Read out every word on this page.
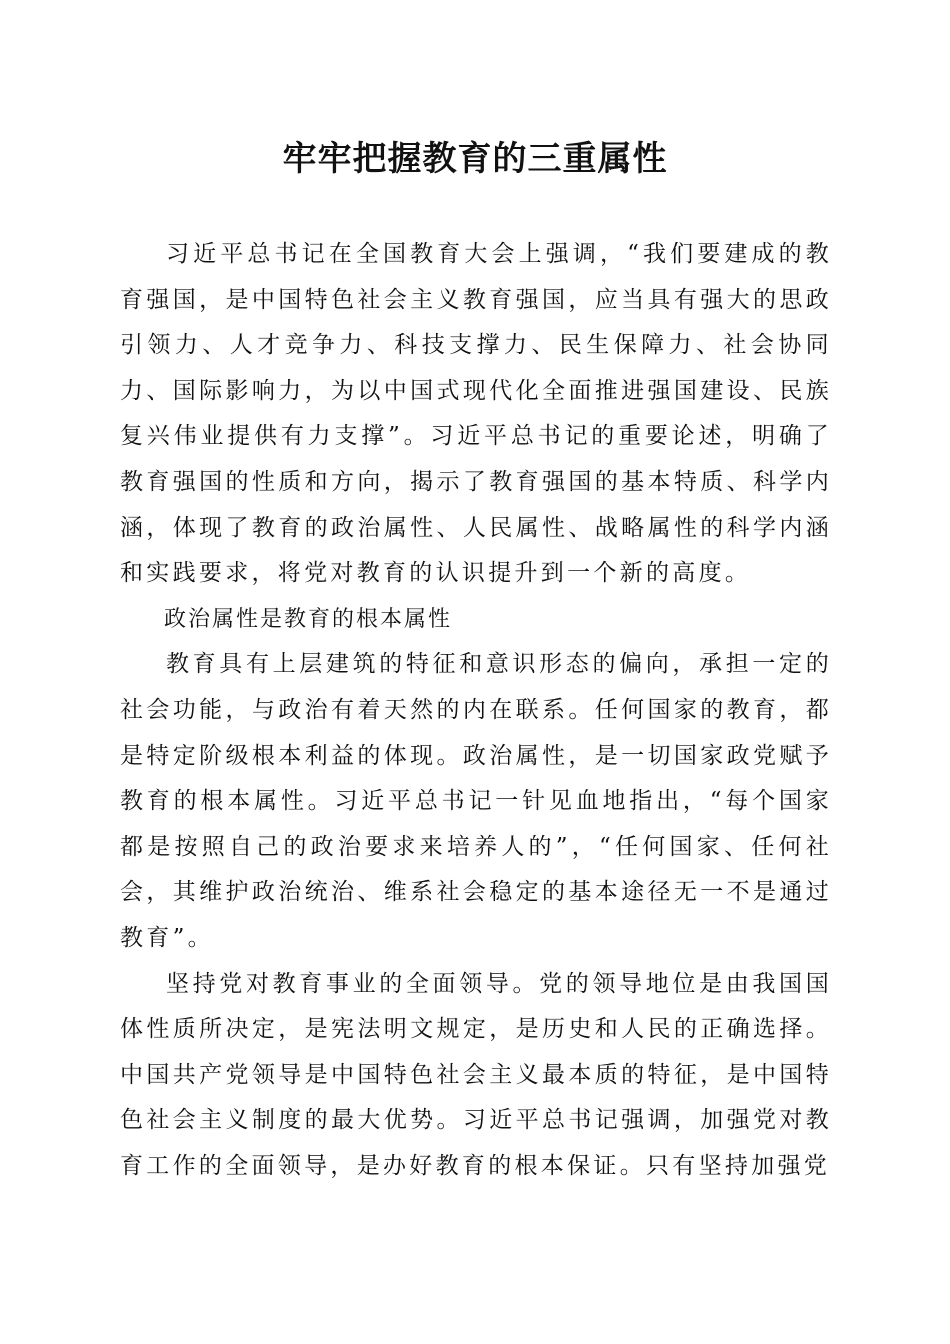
牢牢把握教育的三重属性

习近平总书记在全国教育大会上强调，“我们要建成的教育强国，是中国特色社会主义教育强国，应当具有强大的思政引领力、人才竞争力、科技支撑力、民生保障力、社会协同力、国际影响力，为以中国式现代化全面推进强国建设、民族复兴伟业提供有力支撑”。习近平总书记的重要论述，明确了教育强国的性质和方向，揭示了教育强国的基本特质、科学内涵，体现了教育的政治属性、人民属性、战略属性的科学内涵和实践要求，将党对教育的认识提升到一个新的高度。

政治属性是教育的根本属性

教育具有上层建筑的特征和意识形态的偏向，承担一定的社会功能，与政治有着天然的内在联系。任何国家的教育，都是特定阶级根本利益的体现。政治属性，是一切国家政党赋予教育的根本属性。习近平总书记一针见血地指出，“每个国家都是按照自己的政治要求来培养人的”，“任何国家、任何社会，其维护政治统治、维系社会稳定的基本途径无一不是通过教育”。

坚持党对教育事业的全面领导。党的领导地位是由我国国体性质所决定，是宪法明文规定，是历史和人民的正确选择。中国共产党领导是中国特色社会主义最本质的特征，是中国特色社会主义制度的最大优势。习近平总书记强调，加强党对教育工作的全面领导，是办好教育的根本保证。只有坚持加强党
